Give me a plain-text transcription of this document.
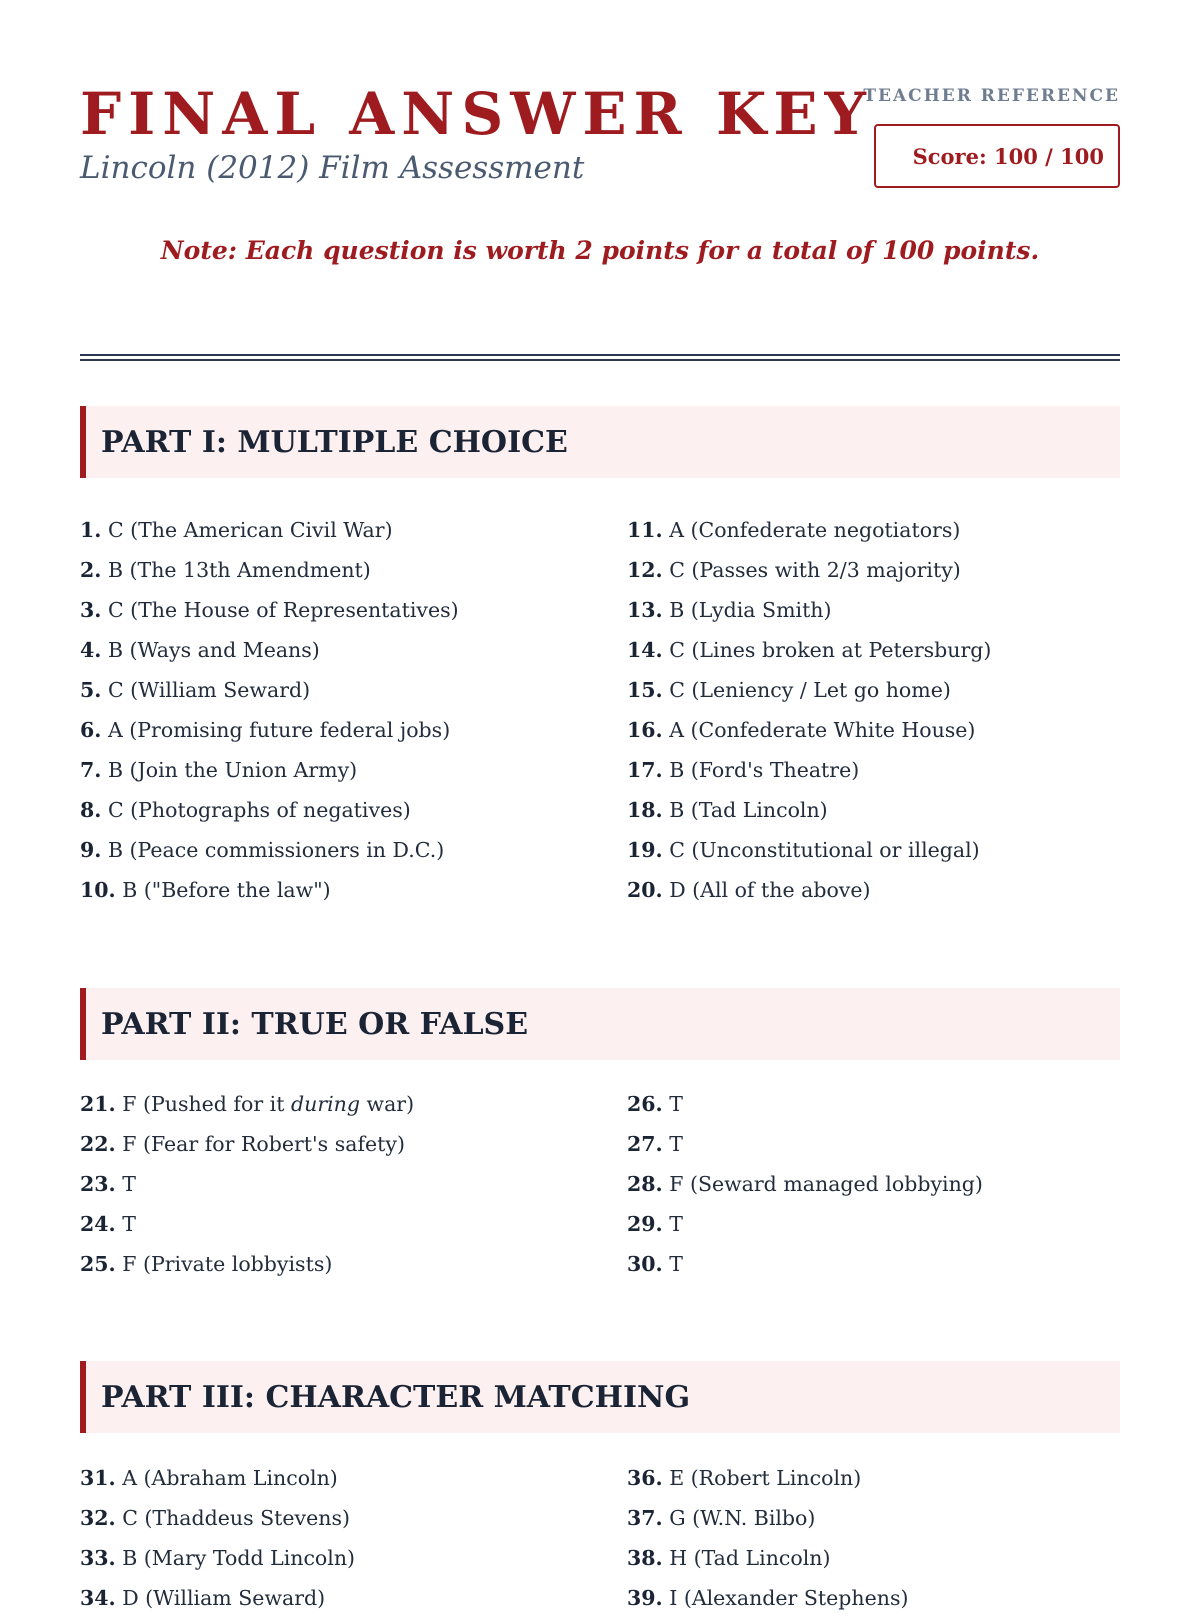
FINAL ANSWER KEY
Lincoln (2012) Film Assessment
TEACHER REFERENCE
Score: 100 / 100
Note: Each question is worth 2 points for a total of 100 points.
PART I: MULTIPLE CHOICE
1. C (The American Civil War)
2. B (The 13th Amendment)
3. C (The House of Representatives)
4. B (Ways and Means)
5. C (William Seward)
6. A (Promising future federal jobs)
7. B (Join the Union Army)
8. C (Photographs of negatives)
9. B (Peace commissioners in D.C.)
10. B ("Before the law")
11. A (Confederate negotiators)
12. C (Passes with 2/3 majority)
13. B (Lydia Smith)
14. C (Lines broken at Petersburg)
15. C (Leniency / Let go home)
16. A (Confederate White House)
17. B (Ford's Theatre)
18. B (Tad Lincoln)
19. C (Unconstitutional or illegal)
20. D (All of the above)
PART II: TRUE OR FALSE
21. F (Pushed for it during war)
22. F (Fear for Robert's safety)
23. T
24. T
25. F (Private lobbyists)
26. T
27. T
28. F (Seward managed lobbying)
29. T
30. T
PART III: CHARACTER MATCHING
31. A (Abraham Lincoln)
32. C (Thaddeus Stevens)
33. B (Mary Todd Lincoln)
34. D (William Seward)
36. E (Robert Lincoln)
37. G (W.N. Bilbo)
38. H (Tad Lincoln)
39. I (Alexander Stephens)
